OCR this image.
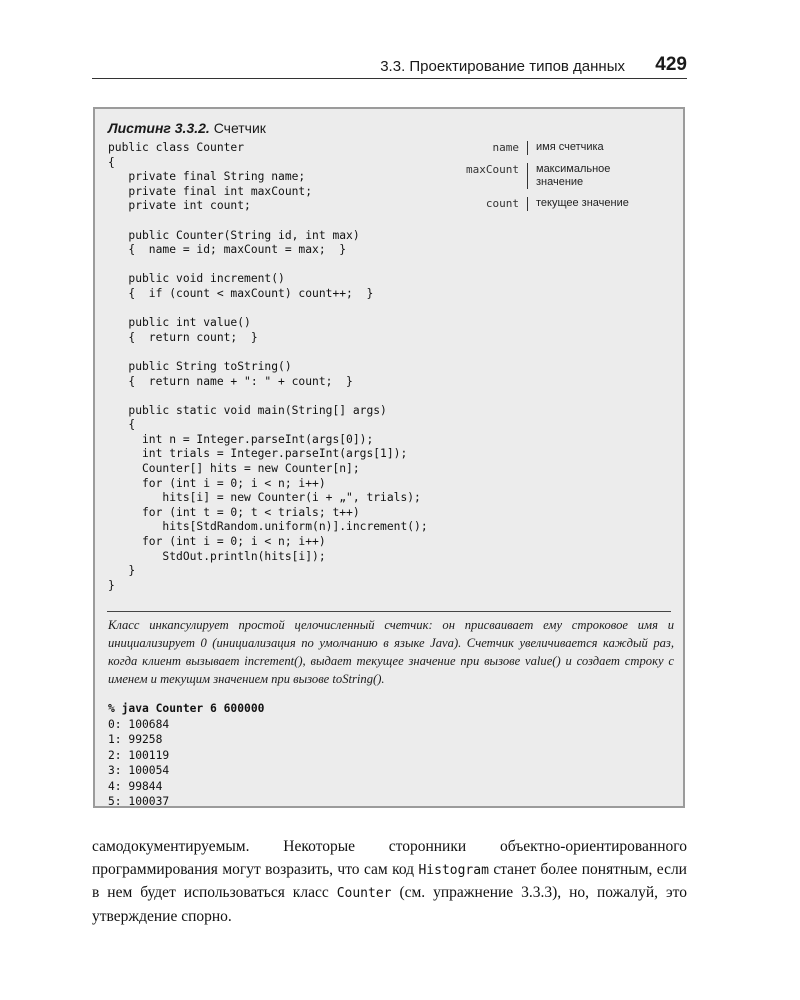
3.3. Проектирование типов данных 429
Листинг 3.3.2. Счетчик
public class Counter
{
private final String name;
private final int maxCount;
private int count;

public Counter(String id, int max)
{  name = id; maxCount = max;  }

public void increment()
{  if (count < maxCount) count++;  }

public int value()
{  return count;  }

public String toString()
{  return name + ": " + count;  }

public static void main(String[] args)
{
int n = Integer.parseInt(args[0]);
int trials = Integer.parseInt(args[1]);
Counter[] hits = new Counter[n];
for (int i = 0; i < n; i++)
hits[i] = new Counter(i + „", trials);
for (int t = 0; t < trials; t++)
hits[StdRandom.uniform(n)].increment();
for (int i = 0; i < n; i++)
StdOut.println(hits[i]);
}
}
name	имя счетчика
maxCount	максимальное значение
count	текущее значение
Класс инкапсулирует простой целочисленный счетчик: он присваивает ему строковое имя и инициализирует 0 (инициализация по умолчанию в языке Java). Счетчик увеличивается каждый раз, когда клиент вызывает increment(), выдает текущее значение при вызове value() и создает строку с именем и текущим значением при вызове toString().
% java Counter 6 600000
0: 100684
1: 99258
2: 100119
3: 100054
4: 99844
5: 100037
самодокументируемым. Некоторые сторонники объектно-ориентированного программирования могут возразить, что сам код Histogram станет более понятным, если в нем будет использоваться класс Counter (см. упражнение 3.3.3), но, пожалуй, это утверждение спорно.
